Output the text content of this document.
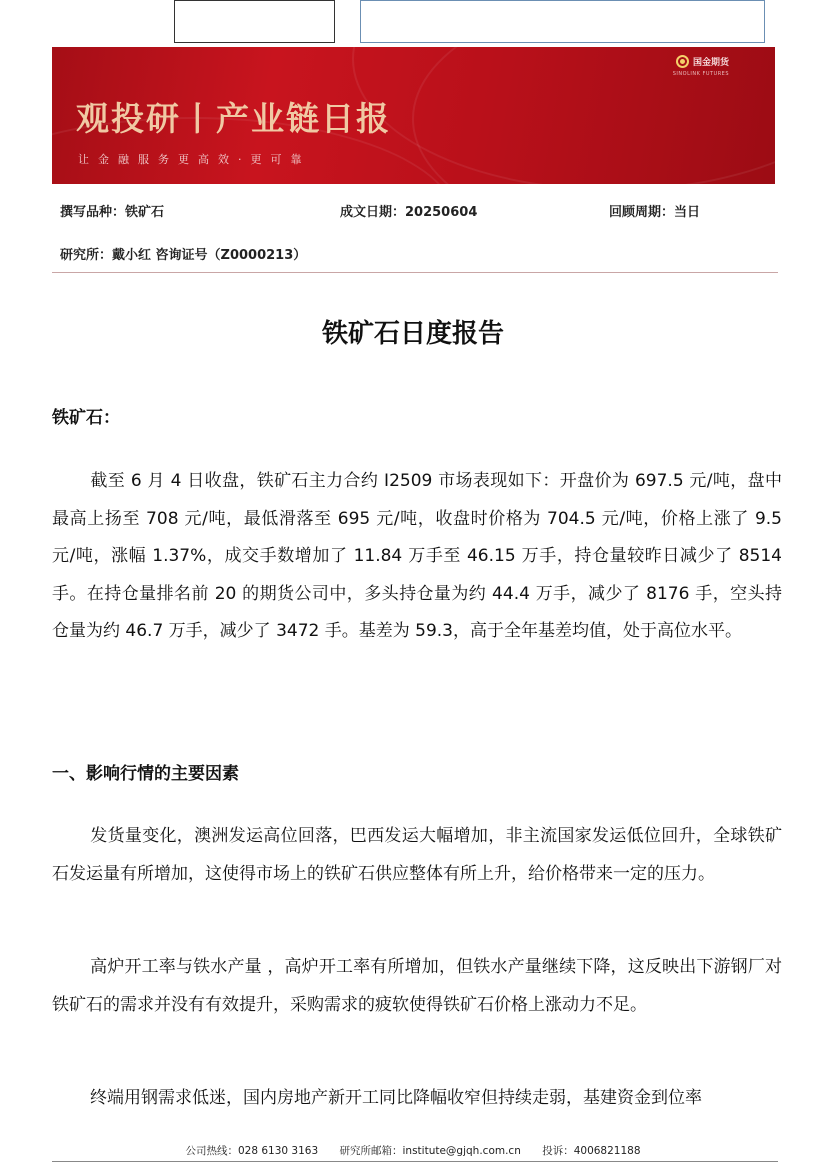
观投研丨产业链日报
让金融服务更高效·更可靠
国金期货
SINOLINK FUTURES
撰写品种：铁矿石	成文日期：20250604	回顾周期：当日
研究所：戴小红 咨询证号（Z0000213）
铁矿石日度报告
铁矿石：
截至 6 月 4 日收盘，铁矿石主力合约 I2509 市场表现如下：开盘价为 697.5 元/吨，盘中最高上扬至 708 元/吨，最低滑落至 695 元/吨，收盘时价格为 704.5 元/吨，价格上涨了 9.5 元/吨，涨幅 1.37%，成交手数增加了 11.84 万手至 46.15 万手，持仓量较昨日减少了 8514 手。在持仓量排名前 20 的期货公司中，多头持仓量为约 44.4 万手，减少了 8176 手，空头持仓量为约 46.7 万手，减少了 3472 手。基差为 59.3，高于全年基差均值，处于高位水平。
一、影响行情的主要因素
发货量变化，澳洲发运高位回落，巴西发运大幅增加，非主流国家发运低位回升，全球铁矿石发运量有所增加，这使得市场上的铁矿石供应整体有所上升，给价格带来一定的压力。
高炉开工率与铁水产量 ，高炉开工率有所增加，但铁水产量继续下降，这反映出下游钢厂对铁矿石的需求并没有有效提升，采购需求的疲软使得铁矿石价格上涨动力不足。
终端用钢需求低迷，国内房地产新开工同比降幅收窄但持续走弱，基建资金到位率
公司热线：028 6130 3163 研究所邮箱：institute@gjqh.com.cn 投诉：4006821188
